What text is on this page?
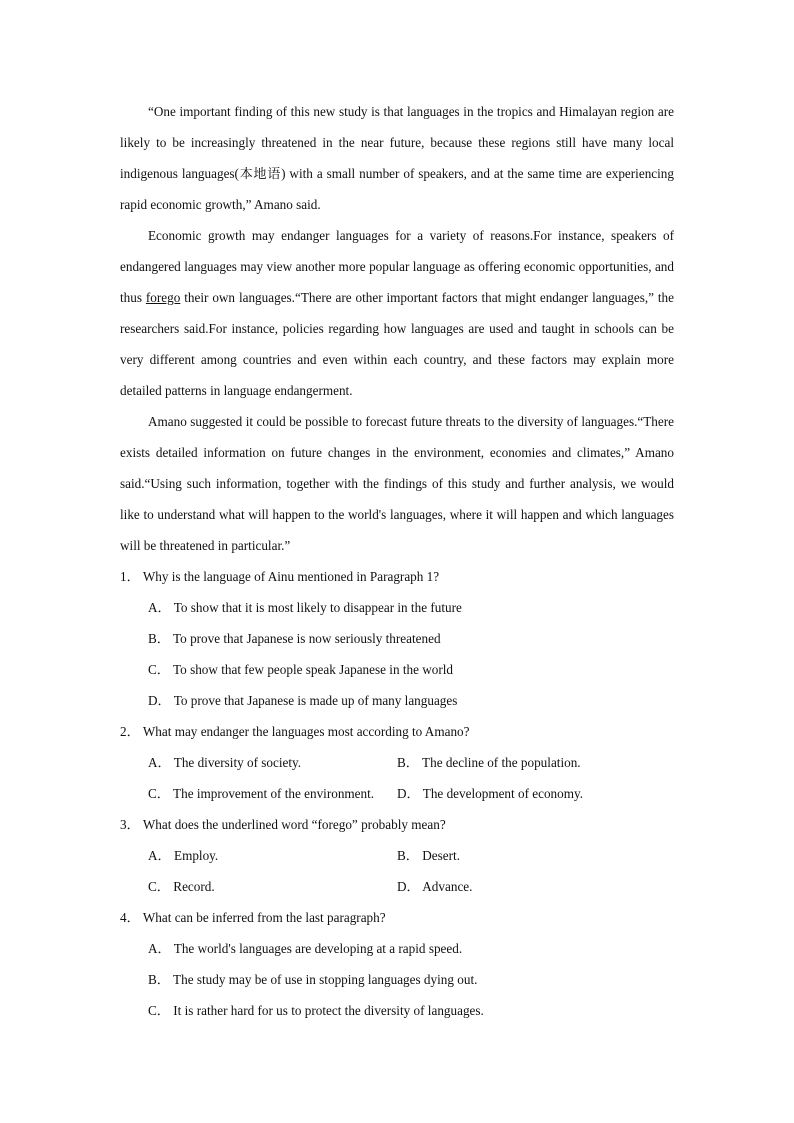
“One important finding of this new study is that languages in the tropics and Himalayan region are likely to be increasingly threatened in the near future, because these regions still have many local indigenous languages(本地语) with a small number of speakers, and at the same time are experiencing rapid economic growth,” Amano said.

Economic growth may endanger languages for a variety of reasons.For instance, speakers of endangered languages may view another more popular language as offering economic opportunities, and thus forego their own languages.“There are other important factors that might endanger languages,” the researchers said.For instance, policies regarding how languages are used and taught in schools can be very different among countries and even within each country, and these factors may explain more detailed patterns in language endangerment.

Amano suggested it could be possible to forecast future threats to the diversity of languages.“There exists detailed information on future changes in the environment, economies and climates,” Amano said.“Using such information, together with the findings of this study and further analysis, we would like to understand what will happen to the world's languages, where it will happen and which languages will be threatened in particular.”

1． Why is the language of Ainu mentioned in Paragraph 1?

A． To show that it is most likely to disappear in the future

B． To prove that Japanese is now seriously threatened

C． To show that few people speak Japanese in the world

D． To prove that Japanese is made up of many languages

2． What may endanger the languages most according to Amano?

A． The diversity of society.	B． The decline of the population.
C． The improvement of the environment.	D． The development of economy.

3． What does the underlined word “forego” probably mean?

A． Employ.	B． Desert.
C． Record.	D． Advance.

4． What can be inferred from the last paragraph?

A． The world's languages are developing at a rapid speed.

B． The study may be of use in stopping languages dying out.

C． It is rather hard for us to protect the diversity of languages.
